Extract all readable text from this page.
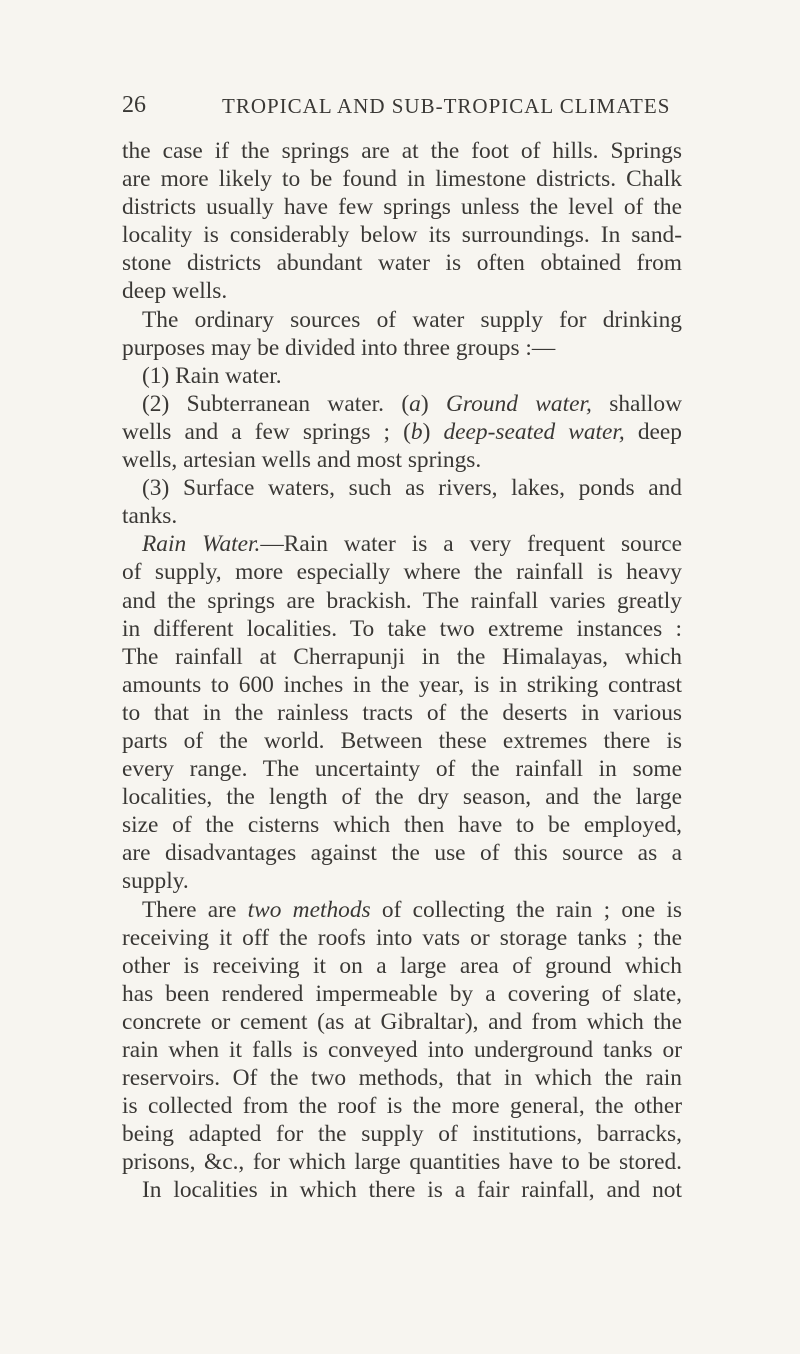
26	TROPICAL AND SUB-TROPICAL CLIMATES
the case if the springs are at the foot of hills. Springs
are more likely to be found in limestone districts. Chalk
districts usually have few springs unless the level of the
locality is considerably below its surroundings. In sand-
stone districts abundant water is often obtained from
deep wells.
The ordinary sources of water supply for drinking
purposes may be divided into three groups :—
(1) Rain water.
(2) Subterranean water. (a) Ground water, shallow
wells and a few springs ; (b) deep-seated water, deep
wells, artesian wells and most springs.
(3) Surface waters, such as rivers, lakes, ponds and
tanks.
Rain Water.—Rain water is a very frequent source
of supply, more especially where the rainfall is heavy
and the springs are brackish. The rainfall varies greatly
in different localities. To take two extreme instances :
The rainfall at Cherrapunji in the Himalayas, which
amounts to 600 inches in the year, is in striking contrast
to that in the rainless tracts of the deserts in various
parts of the world. Between these extremes there is
every range. The uncertainty of the rainfall in some
localities, the length of the dry season, and the large
size of the cisterns which then have to be employed,
are disadvantages against the use of this source as a
supply.
There are two methods of collecting the rain ; one is
receiving it off the roofs into vats or storage tanks ; the
other is receiving it on a large area of ground which
has been rendered impermeable by a covering of slate,
concrete or cement (as at Gibraltar), and from which the
rain when it falls is conveyed into underground tanks or
reservoirs. Of the two methods, that in which the rain
is collected from the roof is the more general, the other
being adapted for the supply of institutions, barracks,
prisons, &c., for which large quantities have to be stored.
In localities in which there is a fair rainfall, and not
